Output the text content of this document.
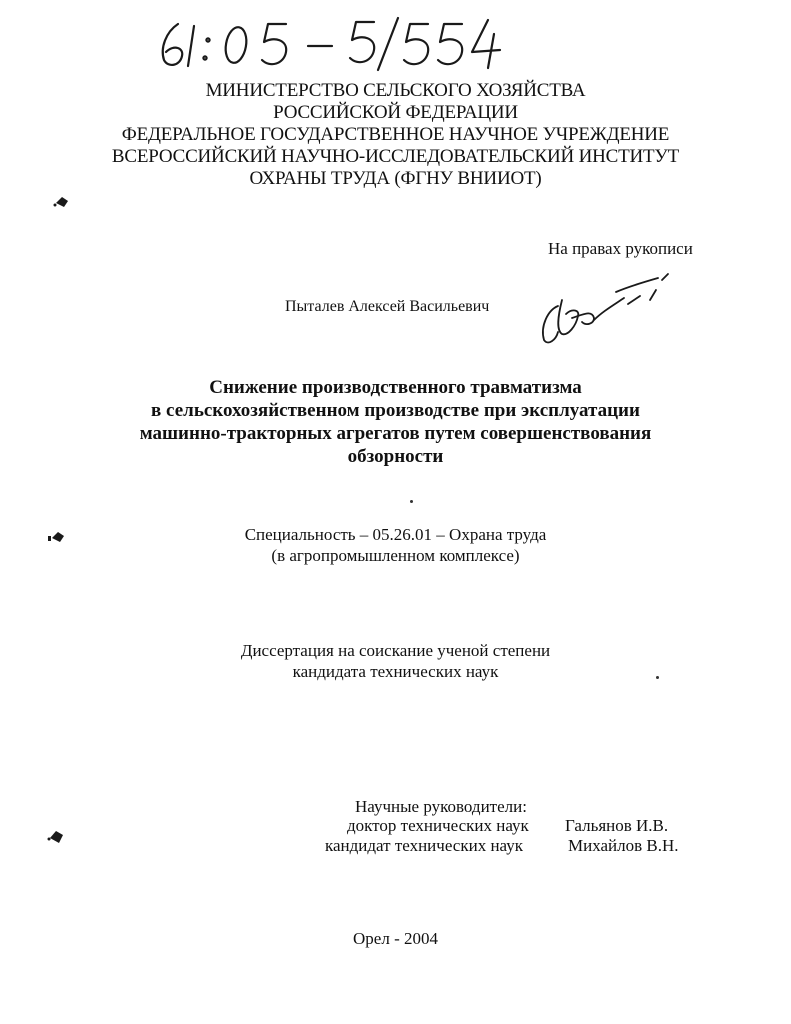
МИНИСТЕРСТВО СЕЛЬСКОГО ХОЗЯЙСТВА
РОССИЙСКОЙ ФЕДЕРАЦИИ
ФЕДЕРАЛЬНОЕ ГОСУДАРСТВЕННОЕ НАУЧНОЕ УЧРЕЖДЕНИЕ
ВСЕРОССИЙСКИЙ НАУЧНО-ИССЛЕДОВАТЕЛЬСКИЙ ИНСТИТУТ
ОХРАНЫ ТРУДА (ФГНУ ВНИИОТ)
На правах рукописи
Пыталев Алексей Васильевич
Снижение производственного травматизма
в сельскохозяйственном производстве при эксплуатации
машинно-тракторных агрегатов путем совершенствования
обзорности
Специальность – 05.26.01 – Охрана труда
(в агропромышленном комплексе)
Диссертация на соискание ученой степени
кандидата технических наук
Научные руководители:
доктор технических наук Гальянов И.В.
кандидат технических наук	Михайлов В.Н.
Орел - 2004
